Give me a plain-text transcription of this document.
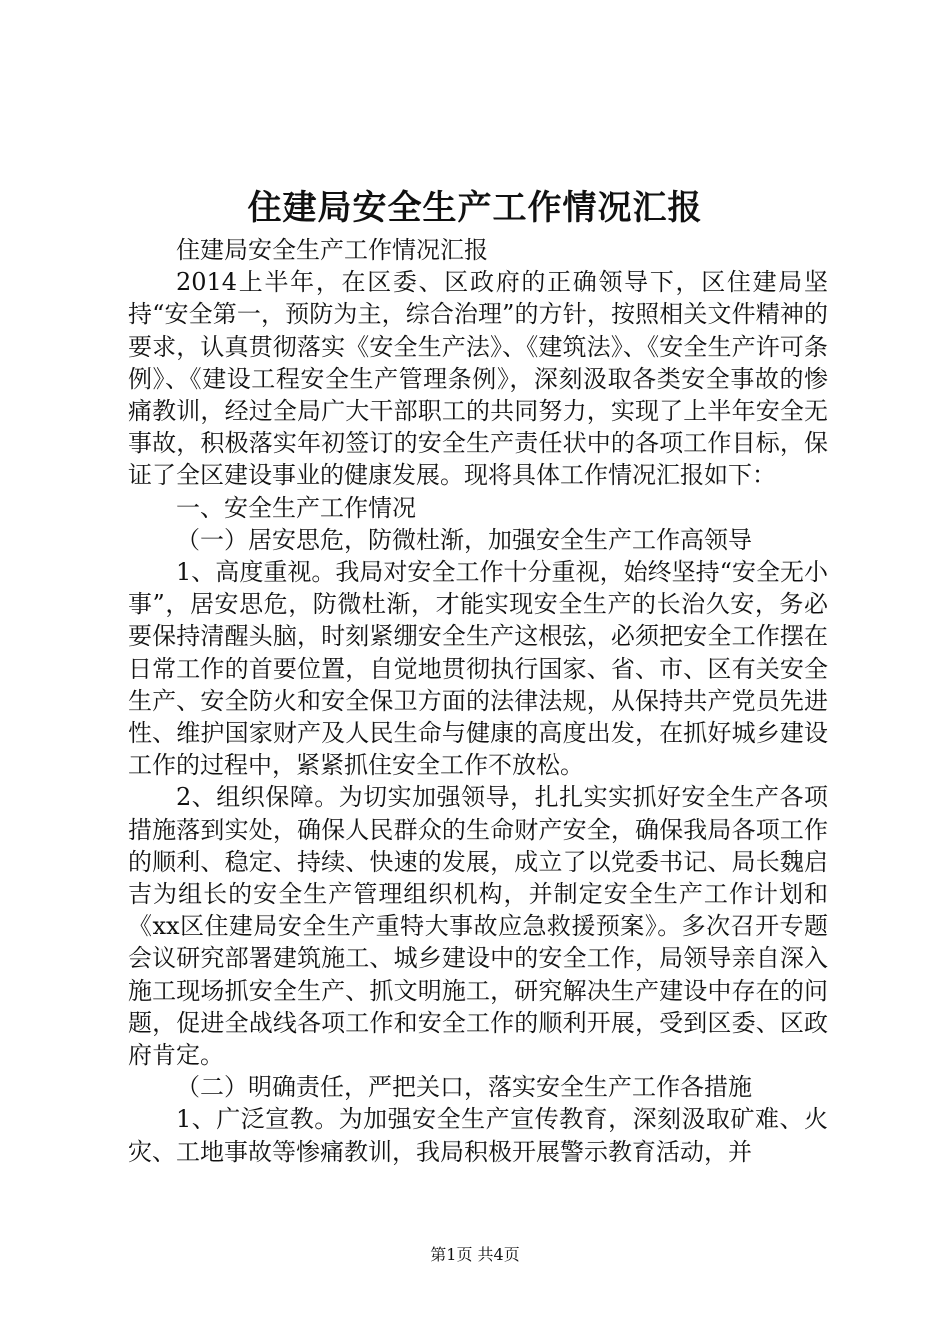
住建局安全生产工作情况汇报

住建局安全生产工作情况汇报

2014上半年，在区委、区政府的正确领导下，区住建局坚持“安全第一，预防为主，综合治理”的方针，按照相关文件精神的要求，认真贯彻落实《安全生产法》、《建筑法》、《安全生产许可条例》、《建设工程安全生产管理条例》，深刻汲取各类安全事故的惨痛教训，经过全局广大干部职工的共同努力，实现了上半年安全无事故，积极落实年初签订的安全生产责任状中的各项工作目标，保证了全区建设事业的健康发展。现将具体工作情况汇报如下：

一、安全生产工作情况

（一）居安思危，防微杜渐，加强安全生产工作高领导

1、高度重视。我局对安全工作十分重视，始终坚持“安全无小事”，居安思危，防微杜渐，才能实现安全生产的长治久安，务必要保持清醒头脑，时刻紧绷安全生产这根弦，必须把安全工作摆在日常工作的首要位置，自觉地贯彻执行国家、省、市、区有关安全生产、安全防火和安全保卫方面的法律法规，从保持共产党员先进性、维护国家财产及人民生命与健康的高度出发，在抓好城乡建设工作的过程中，紧紧抓住安全工作不放松。

2、组织保障。为切实加强领导，扎扎实实抓好安全生产各项措施落到实处，确保人民群众的生命财产安全，确保我局各项工作的顺利、稳定、持续、快速的发展，成立了以党委书记、局长魏启吉为组长的安全生产管理组织机构，并制定安全生产工作计划和《xx区住建局安全生产重特大事故应急救援预案》。多次召开专题会议研究部署建筑施工、城乡建设中的安全工作，局领导亲自深入施工现场抓安全生产、抓文明施工，研究解决生产建设中存在的问题，促进全战线各项工作和安全工作的顺利开展，受到区委、区政府肯定。

（二）明确责任，严把关口，落实安全生产工作各措施

1、广泛宣教。为加强安全生产宣传教育，深刻汲取矿难、火灾、工地事故等惨痛教训，我局积极开展警示教育活动，并

第1页 共4页
